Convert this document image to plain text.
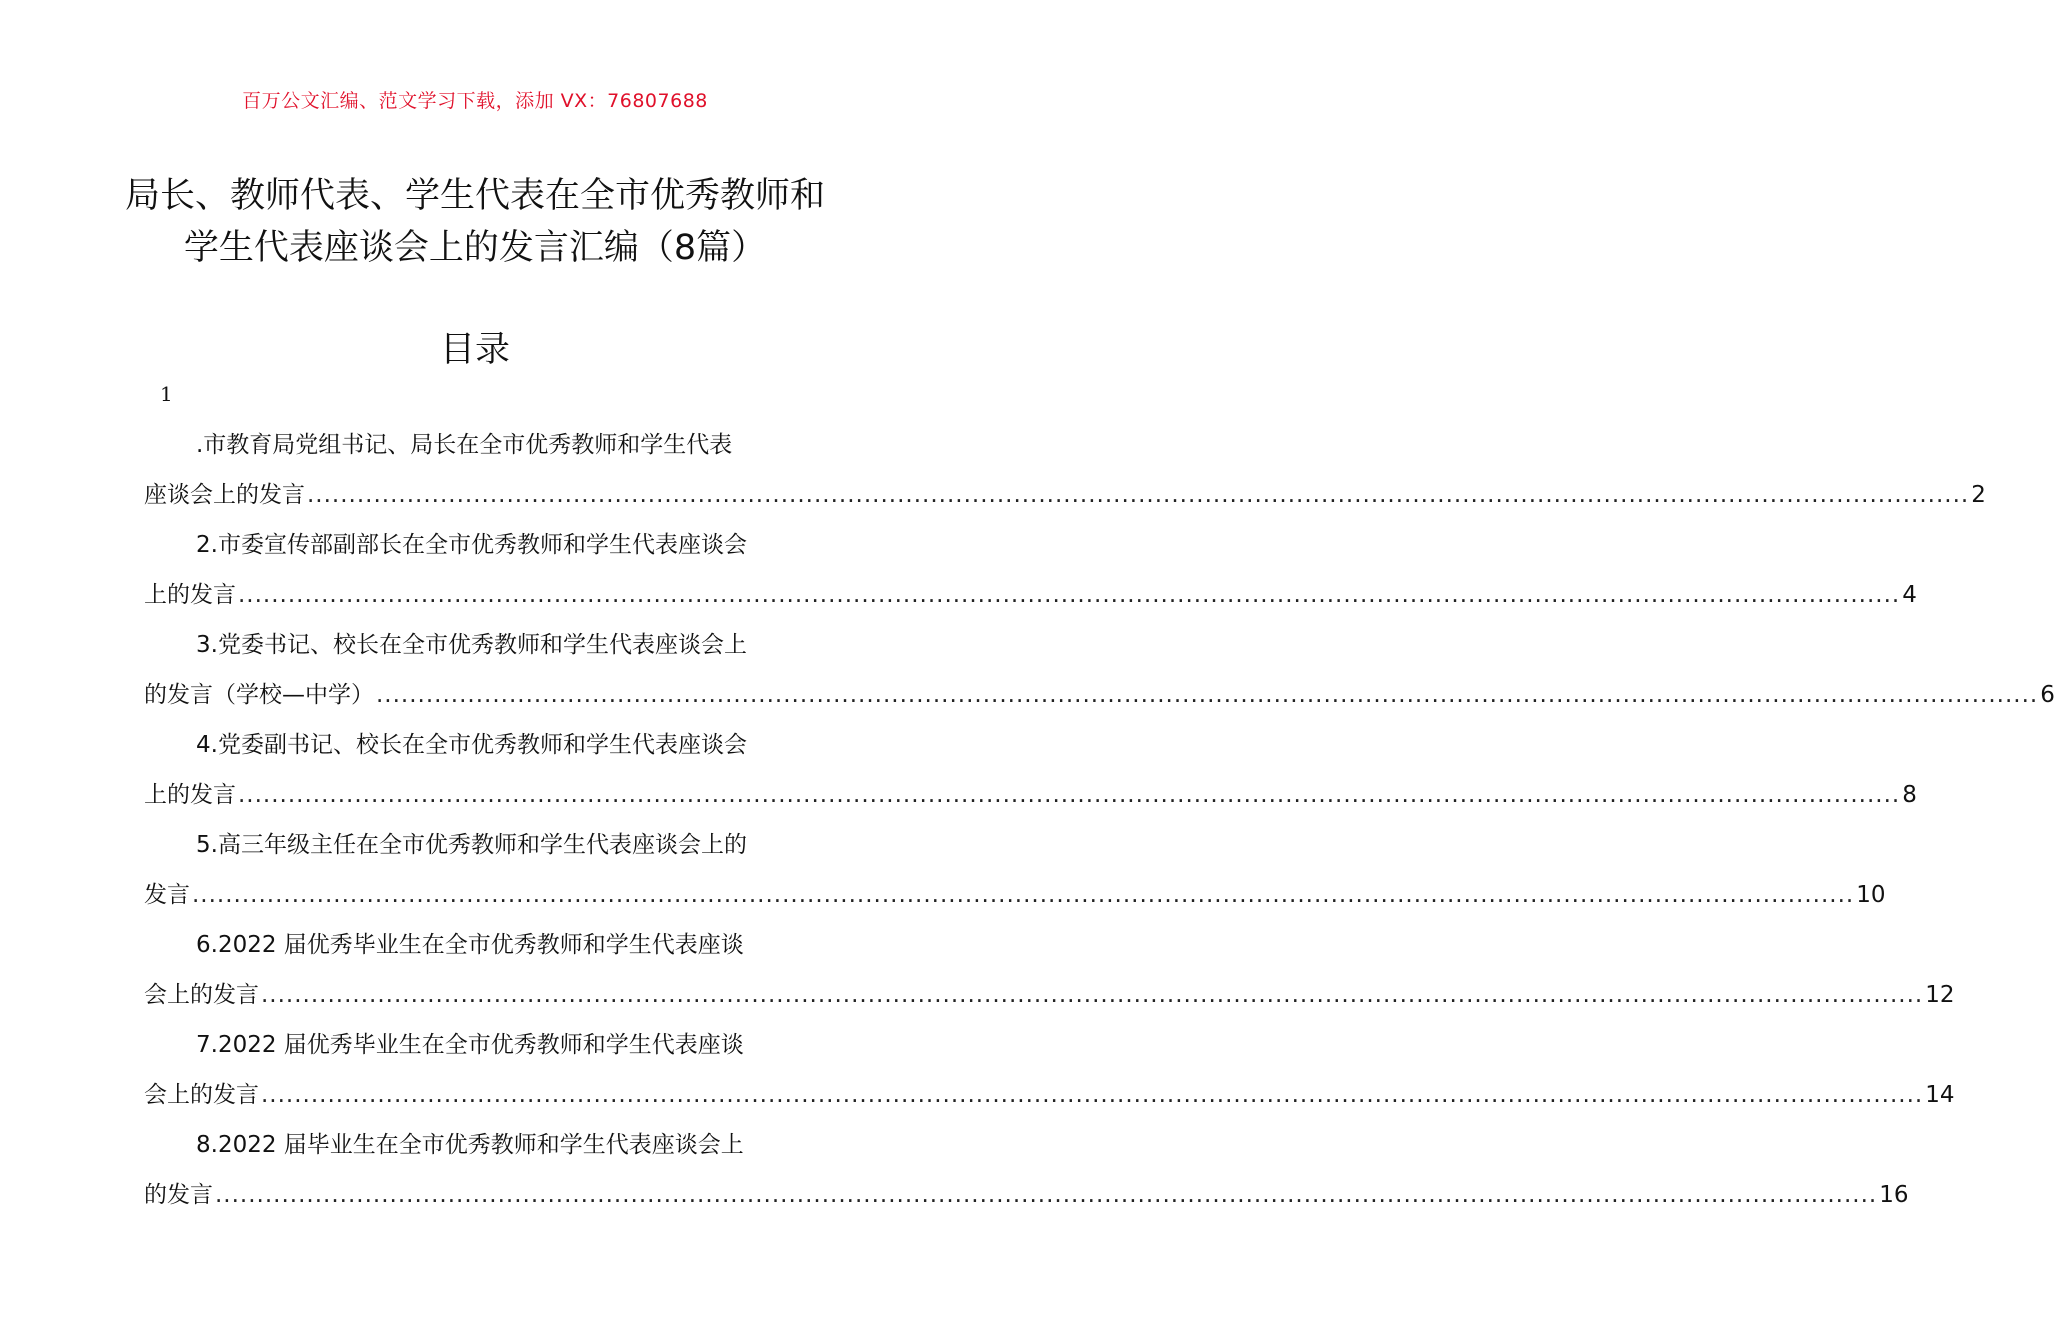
百万公文汇编、范文学习下载，添加 VX：76807688
局长、教师代表、学生代表在全市优秀教师和学生代表座谈会上的发言汇编（8篇）
目录
1
.市教育局党组书记、局长在全市优秀教师和学生代表
座谈会上的发言 ........................................................................................................................................................................................................ 2
2.市委宣传部副部长在全市优秀教师和学生代表座谈会
上的发言 ........................................................................................................................................................................................................ 4
3.党委书记、校长在全市优秀教师和学生代表座谈会上
的发言（学校—中学） ........................................................................................................................................................................................................ 6
4.党委副书记、校长在全市优秀教师和学生代表座谈会
上的发言 ........................................................................................................................................................................................................ 8
5.高三年级主任在全市优秀教师和学生代表座谈会上的
发言 ........................................................................................................................................................................................................ 10
6.2022 届优秀毕业生在全市优秀教师和学生代表座谈
会上的发言 ........................................................................................................................................................................................................ 12
7.2022 届优秀毕业生在全市优秀教师和学生代表座谈
会上的发言 ........................................................................................................................................................................................................ 14
8.2022 届毕业生在全市优秀教师和学生代表座谈会上
的发言 ........................................................................................................................................................................................................ 16
